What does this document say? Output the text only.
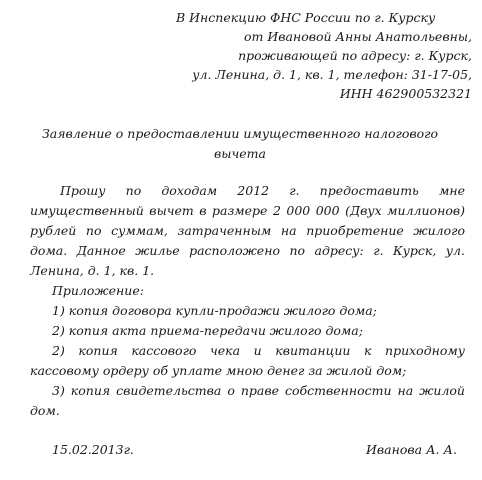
В Инспекцию ФНС России по г. Курску
от Ивановой Анны Анатольевны,
проживающей по адресу: г. Курск,
ул. Ленина, д. 1, кв. 1, телефон: 31-17-05,
ИНН 462900532321
Заявление о предоставлении имущественного налогового
вычета

Прошу по доходам 2012 г. предоставить мне имущественный вычет в размере 2 000 000 (Двух миллионов) рублей по суммам, затраченным на приобретение жилого дома. Данное жилье расположено по адресу: г. Курск, ул. Ленина, д. 1, кв. 1.

Приложение:

1) копия договора купли-продажи жилого дома;

2) копия акта приема-передачи жилого дома;

2) копия кассового чека и квитанции к приходному кассовому ордеру об уплате мною денег за жилой дом;

3) копия свидетельства о праве собственности на жилой дом.

15.02.2013г.	Иванова А. А.
